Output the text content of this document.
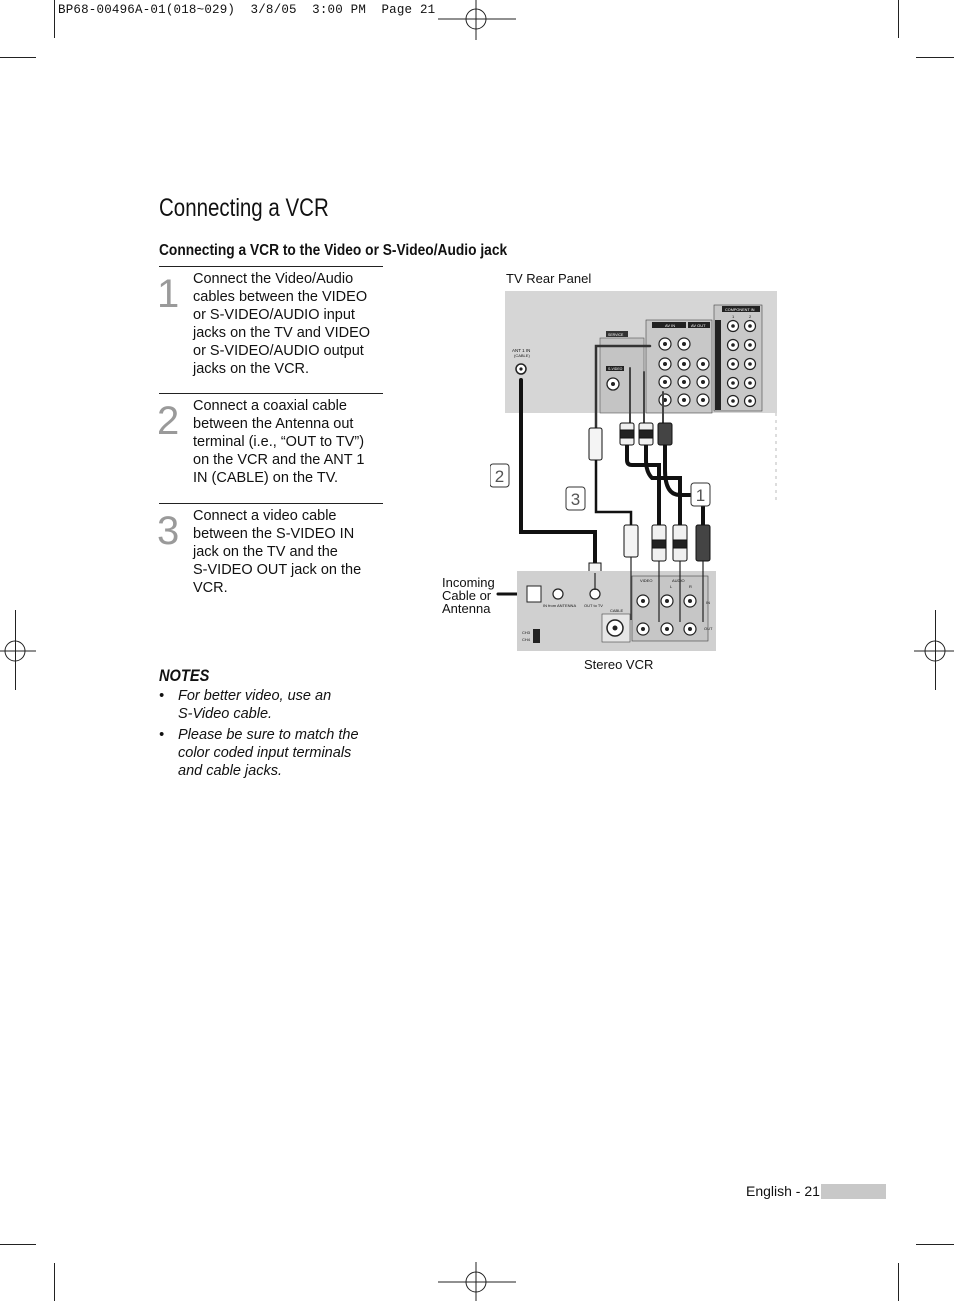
BP68-00496A-01(018~029)  3/8/05  3:00 PM  Page 21
Connecting a VCR
Connecting a VCR to the Video or S-Video/Audio jack
1 Connect the Video/Audio
cables between the VIDEO
or S-VIDEO/AUDIO input
jacks on the TV and VIDEO
or S-VIDEO/AUDIO output
jacks on the VCR.
2 Connect a coaxial cable
between the Antenna out
terminal (i.e., “OUT to TV”)
on the VCR and the ANT 1
IN (CABLE) on the TV.
3 Connect a video cable
between the S-VIDEO IN
jack on the TV and the
S-VIDEO OUT jack on the
VCR.
NOTES
• For better video, use an
S-Video cable.
• Please be sure to match the
color coded input terminals
and cable jacks.
TV Rear Panel
Stereo VCR
Incoming
Cable or
Antenna
SERVICE
ANT 1 IN
(CABLE)
S-VIDEO
AV IN	AV OUT
COMPONENT IN
1	2
IN from ANTENNA OUT to TV
CH3
CH4
CABLE
VIDEO	AUDIO
L	R
IN
OUT
2
3	1
English - 21
